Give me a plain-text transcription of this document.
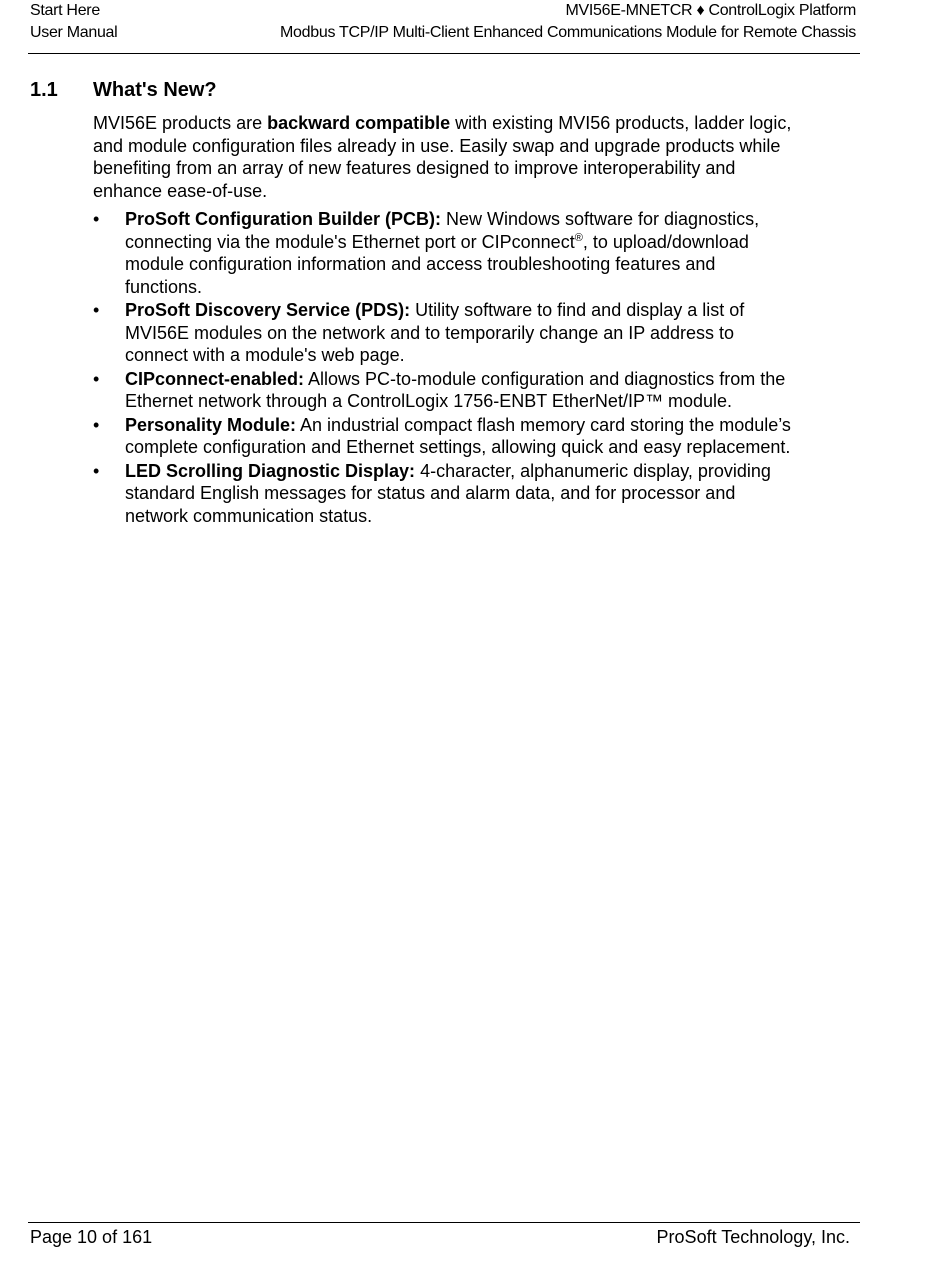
Start Here
User Manual
MVI56E-MNETCR ♦ ControlLogix Platform
Modbus TCP/IP Multi-Client Enhanced Communications Module for Remote Chassis
1.1 What's New?

MVI56E products are backward compatible with existing MVI56 products, ladder logic, and module configuration files already in use. Easily swap and upgrade products while benefiting from an array of new features designed to improve interoperability and enhance ease-of-use.

• ProSoft Configuration Builder (PCB): New Windows software for diagnostics, connecting via the module's Ethernet port or CIPconnect®, to upload/download module configuration information and access troubleshooting features and functions.
• ProSoft Discovery Service (PDS): Utility software to find and display a list of MVI56E modules on the network and to temporarily change an IP address to connect with a module's web page.
• CIPconnect-enabled: Allows PC-to-module configuration and diagnostics from the Ethernet network through a ControlLogix 1756-ENBT EtherNet/IP™ module.
• Personality Module: An industrial compact flash memory card storing the module’s complete configuration and Ethernet settings, allowing quick and easy replacement.
• LED Scrolling Diagnostic Display: 4-character, alphanumeric display, providing standard English messages for status and alarm data, and for processor and network communication status.
Page 10 of 161	ProSoft Technology, Inc.
